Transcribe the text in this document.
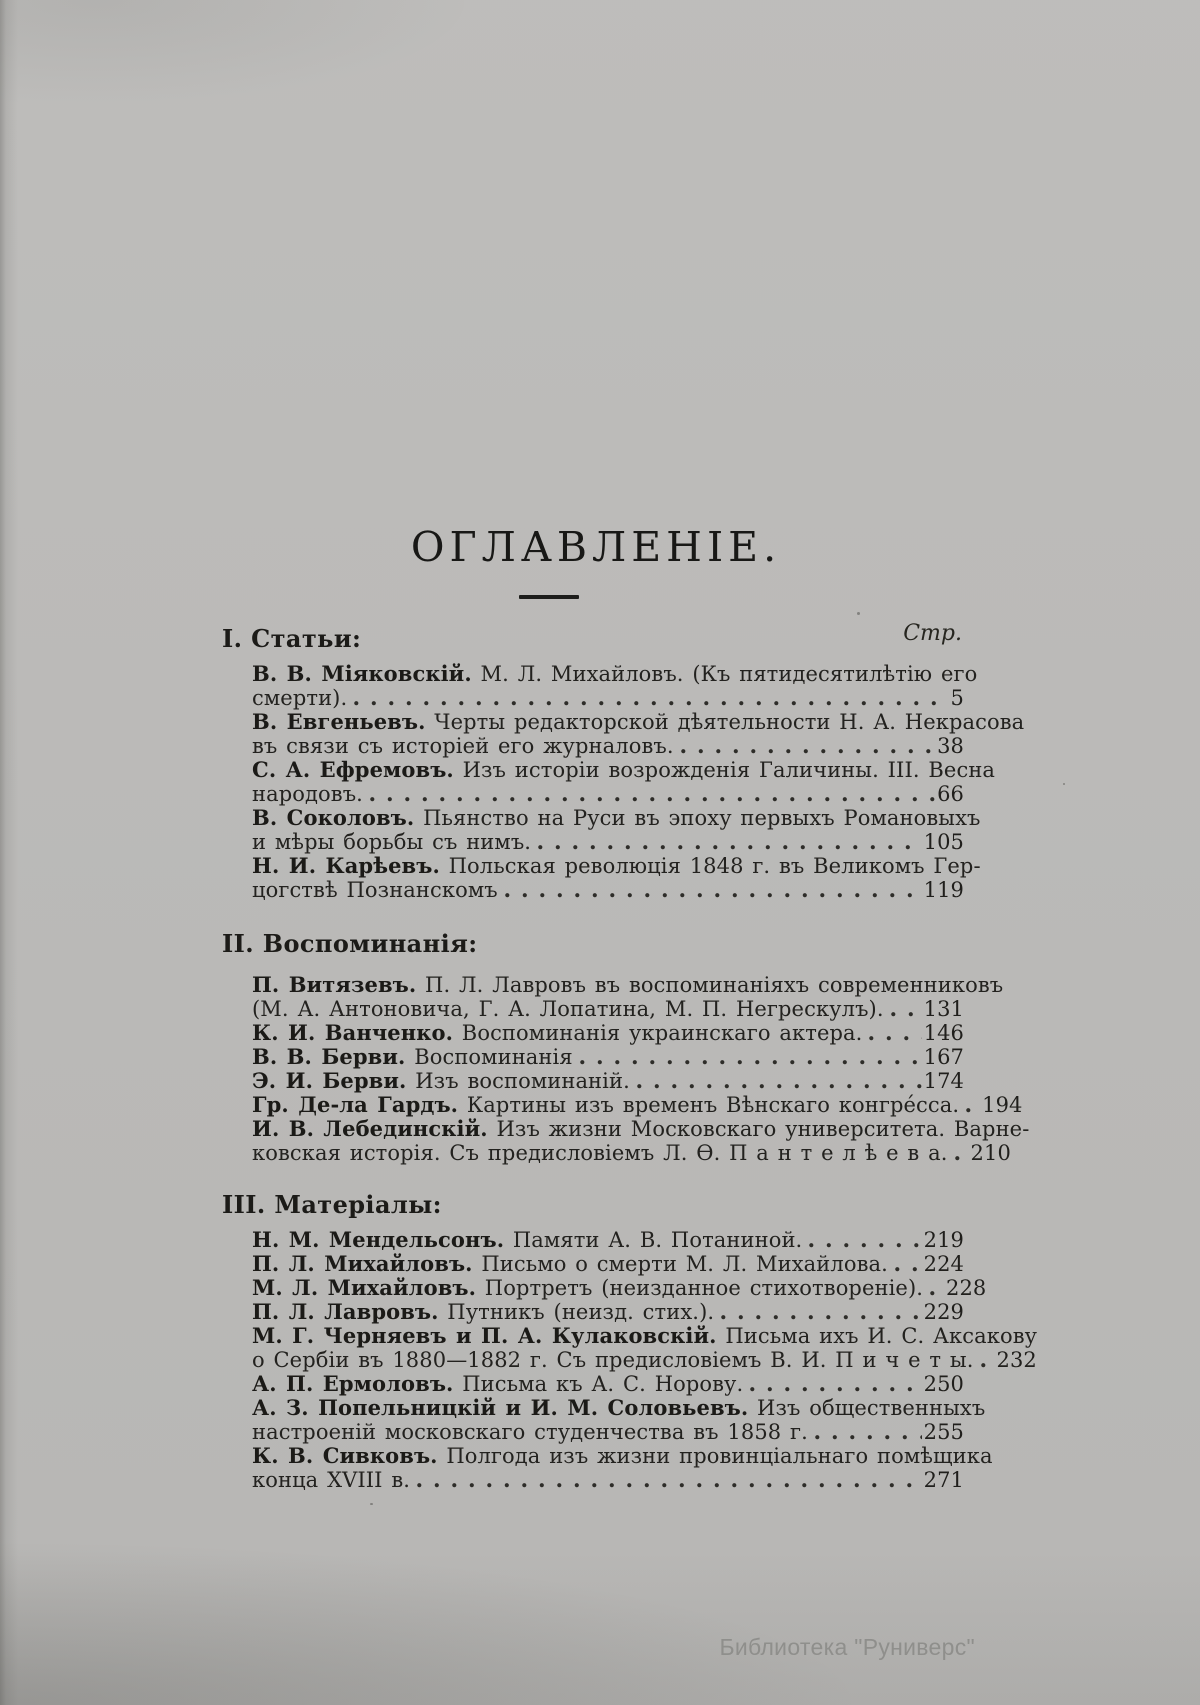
ОГЛАВЛЕНІЕ.
Стр.
I. Статьи:
В. В. Міяковскій. М. Л. Михайловъ. (Къ пятидесятилѣтію его
смерти).	5
В. Евгеньевъ. Черты редакторской дѣятельности Н. А. Некрасова
въ связи съ исторіей его журналовъ.	38
С. А. Ефремовъ. Изъ исторіи возрожденія Галичины. III. Весна
народовъ.	66
В. Соколовъ. Пьянство на Руси въ эпоху первыхъ Романовыхъ
и мѣры борьбы съ нимъ.	105
Н. И. Карѣевъ. Польская революція 1848 г. въ Великомъ Гер-
цогствѣ Познанскомъ	119
II. Воспоминанія:
П. Витязевъ. П. Л. Лавровъ въ воспоминаніяхъ современниковъ
(М. А. Антоновича, Г. А. Лопатина, М. П. Негрескулъ). 131
К. И. Ванченко. Воспоминанія украинскаго актера.	146
В. В. Берви. Воспоминанія	167
Э. И. Берви. Изъ воспоминаній.	174
Гр. Де-ла Гардъ. Картины изъ временъ Вѣнскаго конгре́сса. 194
И. В. Лебединскій. Изъ жизни Московскаго университета. Варне-
ковская исторія. Съ предисловіемъ Л. Ѳ. П а н т е л ѣ е в а. 210
III. Матеріалы:
Н. М. Мендельсонъ. Памяти А. В. Потаниной.	219
П. Л. Михайловъ. Письмо о смерти М. Л. Михайлова. 224
М. Л. Михайловъ. Портретъ (неизданное стихотвореніе). 228
П. Л. Лавровъ. Путникъ (неизд. стих.).	229
М. Г. Черняевъ и П. А. Кулаковскій. Письма ихъ И. С. Аксакову
о Сербіи въ 1880—1882 г. Съ предисловіемъ В. И. П и ч е т ы. 232
А. П. Ермоловъ. Письма къ А. С. Норову.	250
А. З. Попельницкій и И. М. Соловьевъ. Изъ общественныхъ
настроеній московскаго студенчества въ 1858 г.	255
К. В. Сивковъ. Полгода изъ жизни провинціальнаго помѣщика
конца XVIII в.	271
Библиотека "Руниверс"
